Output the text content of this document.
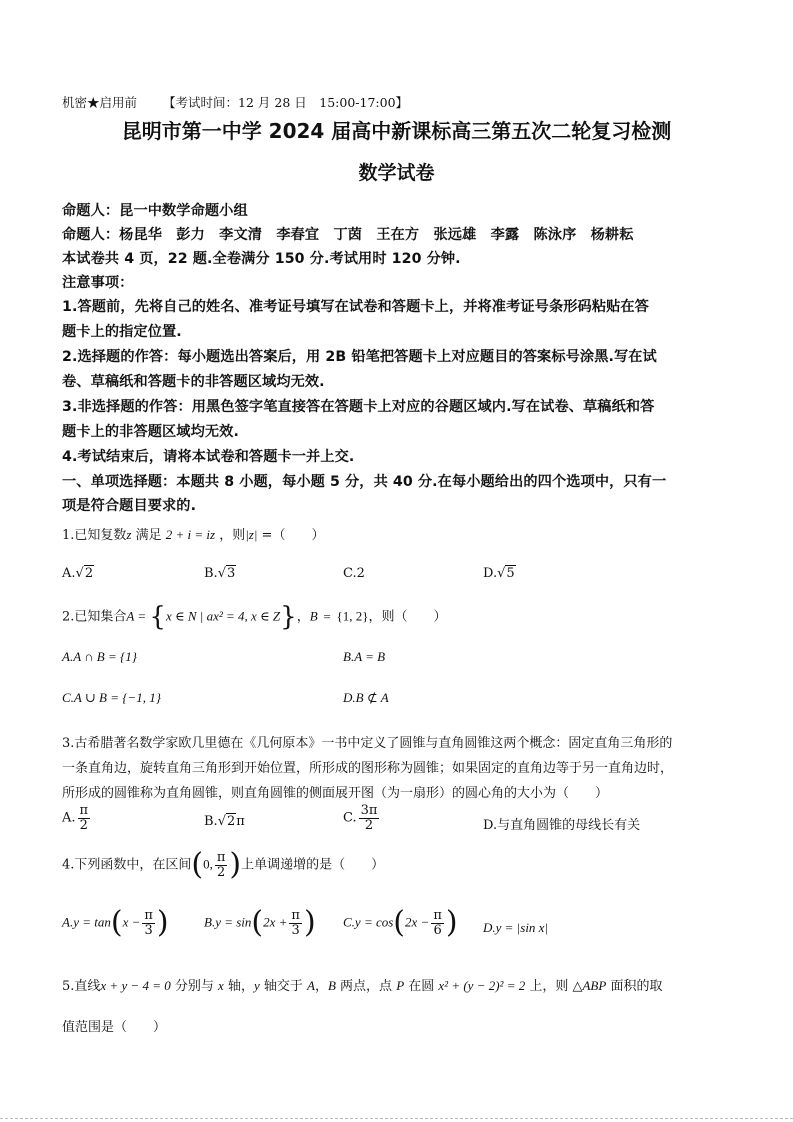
机密★启用前 【考试时间：12 月 28 日　15:00-17:00】
昆明市第一中学 2024 届高中新课标高三第五次二轮复习检测
数学试卷
命题人：昆一中数学命题小组
命题人：杨昆华　彭力　李文清　李春宜　丁茵　王在方　张远雄　李露　陈泳序　杨耕耘
本试卷共 4 页，22 题.全卷满分 150 分.考试用时 120 分钟.
注意事项：
1.答题前，先将自己的姓名、准考证号填写在试卷和答题卡上，并将准考证号条形码粘贴在答
题卡上的指定位置.
2.选择题的作答：每小题选出答案后，用 2B 铅笔把答题卡上对应题目的答案标号涂黑.写在试
卷、草稿纸和答题卡的非答题区域均无效.
3.非选择题的作答：用黑色签字笔直接答在答题卡上对应的谷题区域内.写在试卷、草稿纸和答
题卡上的非答题区域均无效.
4.考试结束后，请将本试卷和答题卡一并上交.
一、单项选择题：本题共 8 小题，每小题 5 分，共 40 分.在每小题给出的四个选项中，只有一
项是符合题目要求的.
1.已知复数z 满足 2 + i = iz ，则|z| =（　　）
A.√2	B.√3	C.2	D.√5
2.已知集合A = {x ∈ N | ax² = 4, x ∈ Z}，B = {1, 2}，则（　　）
A.A ∩ B = {1}	B.A = B
C.A ∪ B = {−1, 1}	D.B ⊄ A
3.古希腊著名数学家欧几里德在《几何原本》一书中定义了圆锥与直角圆锥这两个概念：固定直角三角形的
一条直角边，旋转直角三角形到开始位置，所形成的图形称为圆锥；如果固定的直角边等于另一直角边时，
所形成的圆锥称为直角圆锥，则直角圆锥的侧面展开图（为一扇形）的圆心角的大小为（　　）
A. $\frac{\pi}{2}$	B.√2π	C. $\frac{3\pi}{2}$	D.与直角圆锥的母线长有关
4.下列函数中，在区间(0, $\frac{\pi}{2}$ )上单调递增的是（　　）
$A.y = \tan(x - \frac{\pi}{3}$ )	$B.y = \sin(2x + \frac{\pi}{3}$ ) $C.y = \cos(2x - \frac{\pi}{6}$ ) D.y = |sin x|
5.直线x + y − 4 = 0 分别与 x 轴，y 轴交于 A，B 两点，点 P 在圆 x² + (y − 2)² = 2 上，则 △ABP 面积的取
值范围是（　　）
